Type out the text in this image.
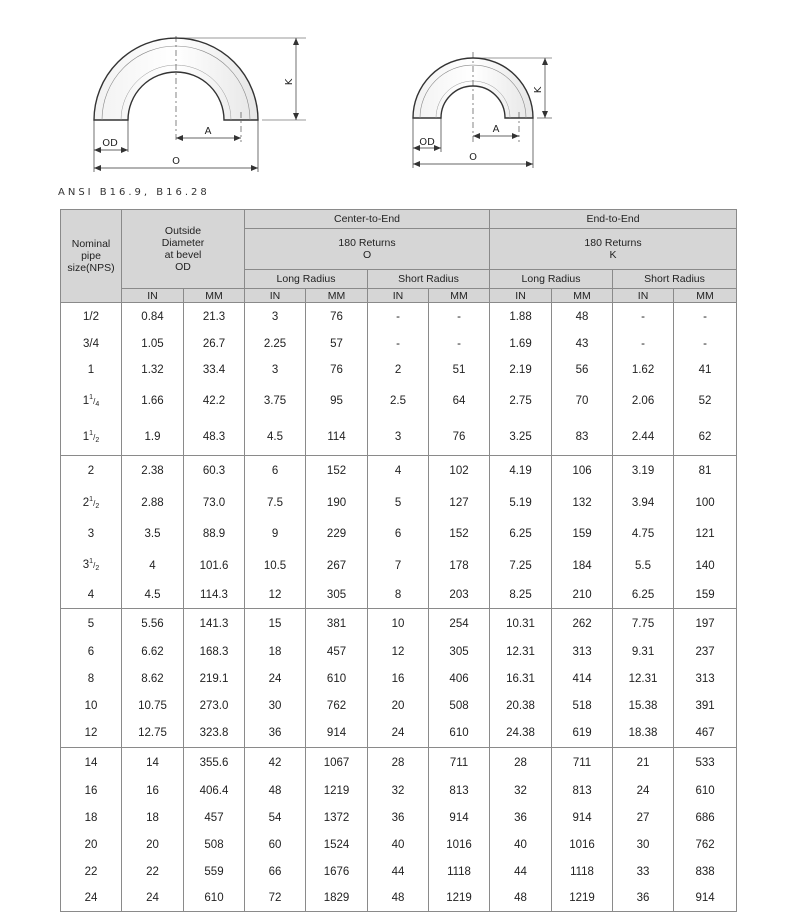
OD
A
O
K
OD
A
O
K
ANSI B16.9, B16.28
Nominal pipe size(NPS)	Outside
Diameter
at bevel
OD		Center-to-End				End-to-End			
			180 Returns
O				180 Returns
K			
			Long Radius		Short Radius		Long Radius		Short Radius	
	IN	MM	IN	MM	IN	MM	IN	MM	IN	MM
1/2	0.84	21.3	3	76	-	-	1.88	48	-	-
3/4	1.05	26.7	2.25	57	-	-	1.69	43	-	-
1	1.32	33.4	3	76	2	51	2.19	56	1.62	41
$1^1/_4$	1.66	42.2	3.75	95	2.5	64	2.75	70	2.06	52
$1^1/_2$	1.9	48.3	4.5	114	3	76	3.25	83	2.44	62
2	2.38	60.3	6	152	4	102	4.19	106	3.19	81
$2^1/_2$	2.88	73.0	7.5	190	5	127	5.19	132	3.94	100
3	3.5	88.9	9	229	6	152	6.25	159	4.75	121
$3^1/_2$	4	101.6	10.5	267	7	178	7.25	184	5.5	140
4	4.5	114.3	12	305	8	203	8.25	210	6.25	159
5	5.56	141.3	15	381	10	254	10.31	262	7.75	197
6	6.62	168.3	18	457	12	305	12.31	313	9.31	237
8	8.62	219.1	24	610	16	406	16.31	414	12.31	313
10	10.75	273.0	30	762	20	508	20.38	518	15.38	391
12	12.75	323.8	36	914	24	610	24.38	619	18.38	467
14	14	355.6	42	1067	28	711	28	711	21	533
16	16	406.4	48	1219	32	813	32	813	24	610
18	18	457	54	1372	36	914	36	914	27	686
20	20	508	60	1524	40	1016	40	1016	30	762
22	22	559	66	1676	44	1118	44	1118	33	838
24	24	610	72	1829	48	1219	48	1219	36	914
